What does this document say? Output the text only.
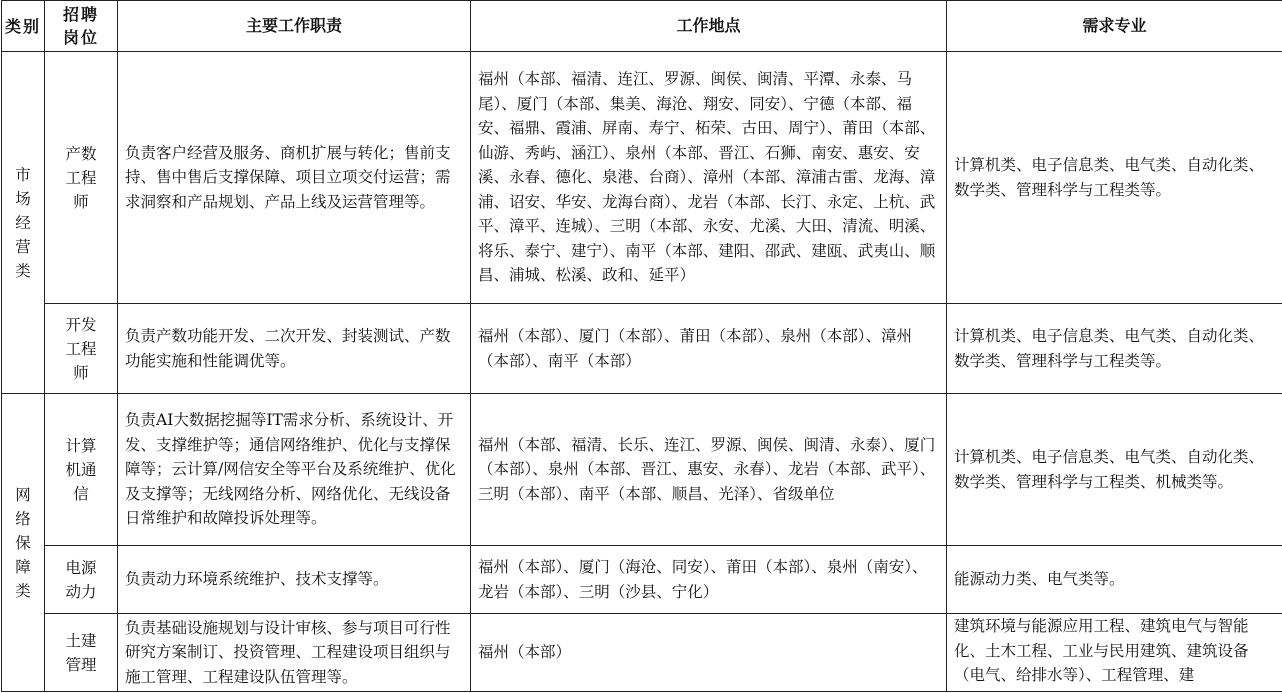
类别	招聘岗位	主要工作职责	工作地点	需求专业

市场经营类	产数工程师	负责客户经营及服务、商机扩展与转化；售前支持、售中售后支撑保障、项目立项交付运营；需求洞察和产品规划、产品上线及运营管理等。	福州（本部、福清、连江、罗源、闽侯、闽清、平潭、永泰、马尾）、厦门（本部、集美、海沧、翔安、同安）、宁德（本部、福安、福鼎、霞浦、屏南、寿宁、柘荣、古田、周宁）、莆田（本部、仙游、秀屿、涵江）、泉州（本部、晋江、石狮、南安、惠安、安溪、永春、德化、泉港、台商）、漳州（本部、漳浦古雷、龙海、漳浦、诏安、华安、龙海台商）、龙岩（本部、长汀、永定、上杭、武平、漳平、连城）、三明（本部、永安、尤溪、大田、清流、明溪、将乐、泰宁、建宁）、南平（本部、建阳、邵武、建瓯、武夷山、顺昌、浦城、松溪、政和、延平）	计算机类、电子信息类、电气类、自动化类、数学类、管理科学与工程类等。

	开发工程师	负责产数功能开发、二次开发、封装测试、产数功能实施和性能调优等。	福州（本部）、厦门（本部）、莆田（本部）、泉州（本部）、漳州（本部）、南平（本部）	计算机类、电子信息类、电气类、自动化类、数学类、管理科学与工程类等。

网络保障类	计算机通信	负责AI大数据挖掘等IT需求分析、系统设计、开发、支撑维护等；通信网络维护、优化与支撑保障等；云计算/网信安全等平台及系统维护、优化及支撑等；无线网络分析、网络优化、无线设备日常维护和故障投诉处理等。	福州（本部、福清、长乐、连江、罗源、闽侯、闽清、永泰）、厦门（本部）、泉州（本部、晋江、惠安、永春）、龙岩（本部、武平）、三明（本部）、南平（本部、顺昌、光泽）、省级单位	计算机类、电子信息类、电气类、自动化类、数学类、管理科学与工程类、机械类等。

	电源动力	负责动力环境系统维护、技术支撑等。	福州（本部）、厦门（海沧、同安）、莆田（本部）、泉州（南安）、龙岩（本部）、三明（沙县、宁化）	能源动力类、电气类等。

	土建管理	负责基础设施规划与设计审核、参与项目可行性研究方案制订、投资管理、工程建设项目组织与施工管理、工程建设队伍管理等。	福州（本部）	建筑环境与能源应用工程、建筑电气与智能化、土木工程、工业与民用建筑、建筑设备（电气、给排水等）、工程管理、建
